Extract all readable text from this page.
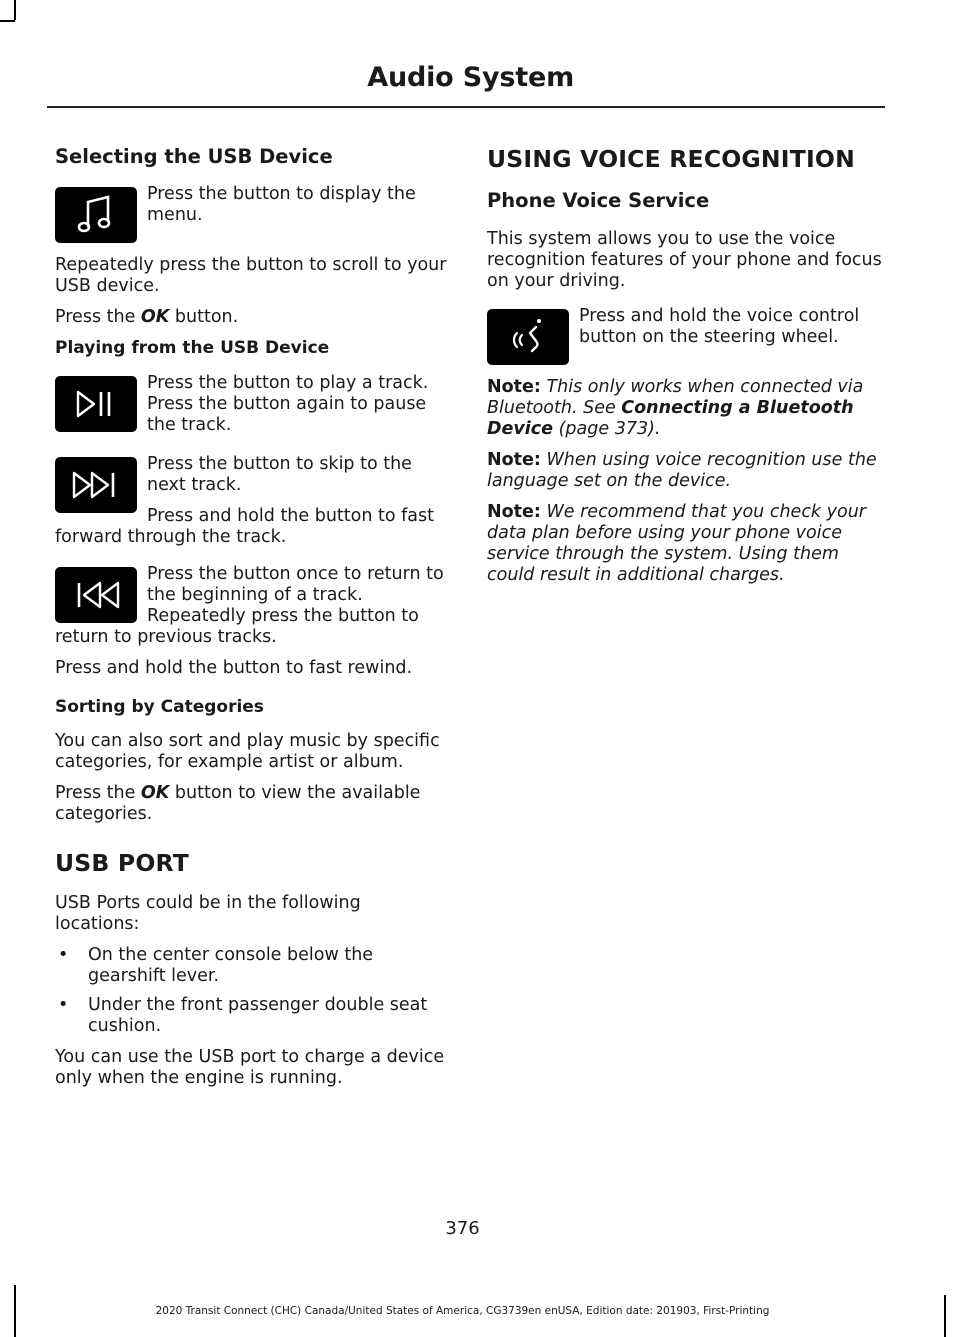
Audio System
Selecting the USB Device

Press the button to display the menu.

Repeatedly press the button to scroll to your USB device.

Press the OK button.

Playing from the USB Device

Press the button to play a track. Press the button again to pause the track.

Press the button to skip to the next track.

Press and hold the button to fast forward through the track.

Press the button once to return to the beginning of a track. Repeatedly press the button to return to previous tracks.

Press and hold the button to fast rewind.

Sorting by Categories

You can also sort and play music by specific categories, for example artist or album.

Press the OK button to view the available categories.

USB PORT

USB Ports could be in the following locations:

• On the center console below the gearshift lever.
• Under the front passenger double seat cushion.

You can use the USB port to charge a device only when the engine is running.

USING VOICE RECOGNITION
Phone Voice Service

This system allows you to use the voice recognition features of your phone and focus on your driving.

Press and hold the voice control button on the steering wheel.

Note: This only works when connected via Bluetooth. See Connecting a Bluetooth Device (page 373).

Note: When using voice recognition use the language set on the device.

Note: We recommend that you check your data plan before using your phone voice service through the system. Using them could result in additional charges.

376
2020 Transit Connect (CHC) Canada/United States of America, CG3739en enUSA, Edition date: 201903, First-Printing
